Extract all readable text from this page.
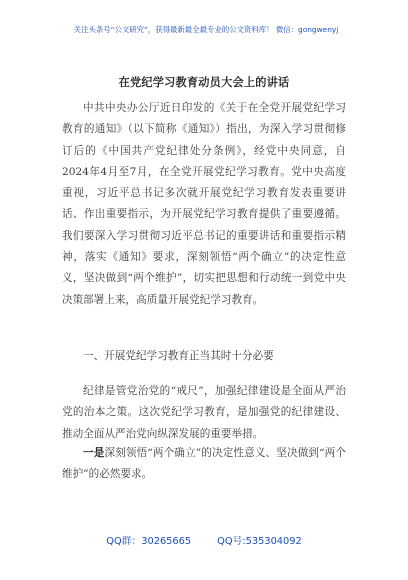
关注头条号“公文研究”，获得最新最全最专业的公文资料库！ 微信：gongwenyj
在党纪学习教育动员大会上的讲话

中共中央办公厅近日印发的《关于在全党开展党纪学习教育的通知》（以下简称《通知》）指出，为深入学习贯彻修订后的《中国共产党纪律处分条例》，经党中央同意，自2024年4月至7月，在全党开展党纪学习教育。党中央高度重视，习近平总书记多次就开展党纪学习教育发表重要讲话、作出重要指示，为开展党纪学习教育提供了重要遵循。我们要深入学习贯彻习近平总书记的重要讲话和重要指示精神，落实《通知》要求，深刻领悟“两个确立”的决定性意义，坚决做到“两个维护”，切实把思想和行动统一到党中央决策部署上来，高质量开展党纪学习教育。

一、开展党纪学习教育正当其时十分必要

纪律是管党治党的“戒尺”，加强纪律建设是全面从严治党的治本之策。这次党纪学习教育，是加强党的纪律建设、推动全面从严治党向纵深发展的重要举措。

一是深刻领悟“两个确立”的决定性意义、坚决做到“两个维护”的必然要求。

QQ群：30265665	QQ号:535304092
